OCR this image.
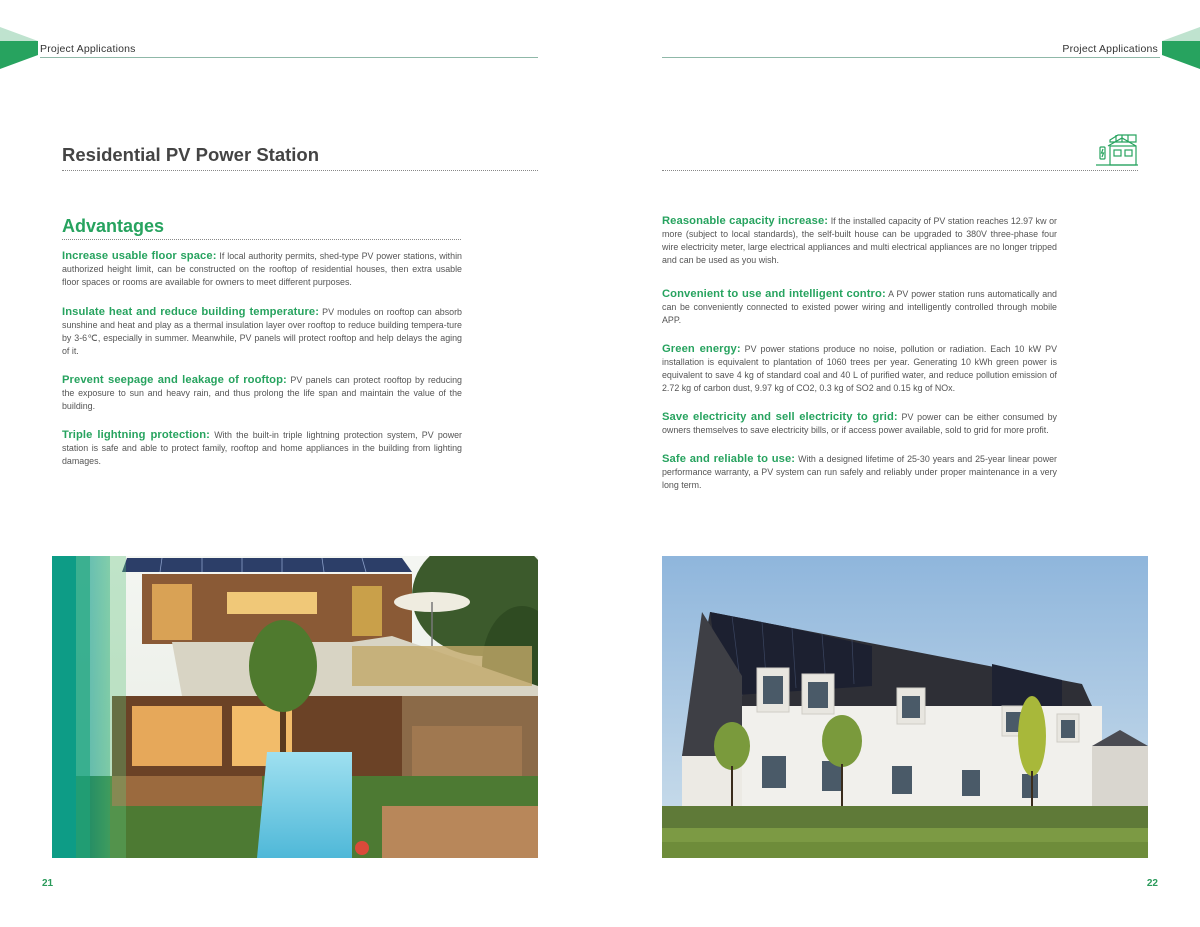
Project Applications	Project Applications
Residential PV Power Station
Advantages

Increase usable floor space: If local authority permits, shed-type PV power stations, within authorized height limit, can be constructed on the rooftop of residential houses, then extra usable floor spaces or rooms are available for owners to meet different purposes.

Insulate heat and reduce building temperature: PV modules on rooftop can absorb sunshine and heat and play as a thermal insulation layer over rooftop to reduce building tempera-ture by 3-6℃, especially in summer. Meanwhile, PV panels will protect rooftop and help delays the aging of it.

Prevent seepage and leakage of rooftop: PV panels can protect rooftop by reducing the exposure to sun and heavy rain, and thus prolong the life span and maintain the value of the building.

Triple lightning protection: With the built-in triple lightning protection system, PV power station is safe and able to protect family, rooftop and home appliances in the building from lighting damages.

Reasonable capacity increase: If the installed capacity of PV station reaches 12.97 kw or more (subject to local standards), the self-built house can be upgraded to 380V three-phase four wire electricity meter, large electrical appliances and multi electrical appliances are no longer tripped and can be used as you wish.

Convenient to use and intelligent contro: A PV power station runs automatically and can be conveniently connected to existed power wiring and intelligently controlled through mobile APP.

Green energy: PV power stations produce no noise, pollution or radiation. Each 10 kW PV installation is equivalent to plantation of 1060 trees per year. Generating 10 kWh green power is equivalent to save 4 kg of standard coal and 40 L of purified water, and reduce pollution emission of 2.72 kg of carbon dust, 9.97 kg of CO2, 0.3 kg of SO2 and 0.15 kg of NOx.

Save electricity and sell electricity to grid: PV power can be either consumed by owners themselves to save electricity bills, or if access power available, sold to grid for more profit.

Safe and reliable to use: With a designed lifetime of 25-30 years and 25-year linear power performance warranty, a PV system can run safely and reliably under proper maintenance in a very long term.

21	22
